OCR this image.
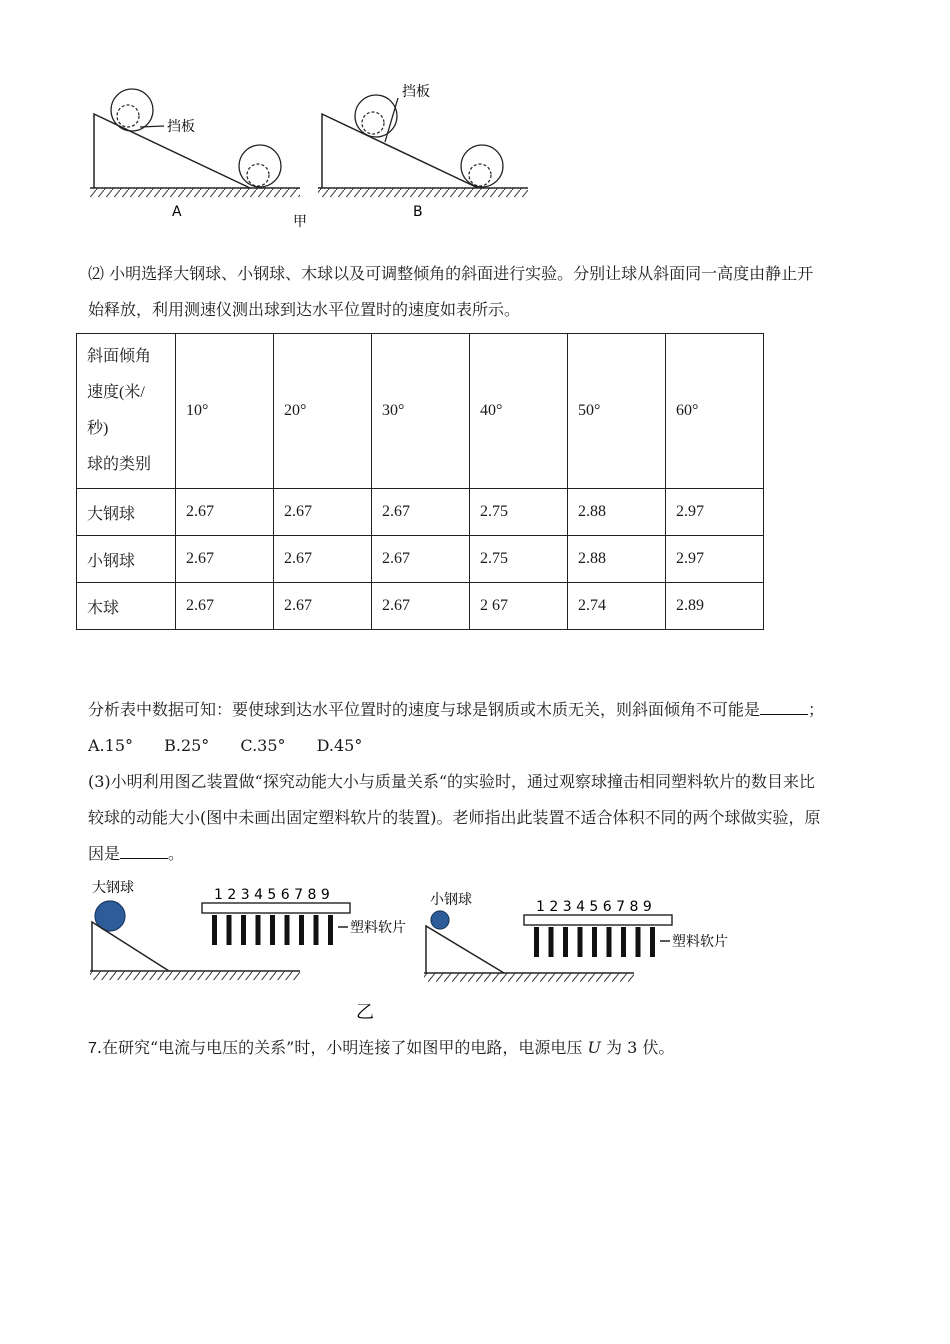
挡板
A
甲
挡板
B

⑵ 小明选择大钢球、小钢球、木球以及可调整倾角的斜面进行实验。分别让球从斜面同一高度由静止开
始释放，利用测速仪测出球到达水平位置时的速度如表所示。

斜面倾角
速度(米/
秒)
球的类别	10°	20°	30°	40°	50°	60°
大钢球	2.67	2.67	2.67	2.75	2.88	2.97
小钢球	2.67	2.67	2.67	2.75	2.88	2.97
木球	2.67	2.67	2.67	2 67	2.74	2.89

分析表中数据可知：要使球到达水平位置时的速度与球是钢质或木质无关，则斜面倾角不可能是	；

A.15° B.25° C.35° D.45°

(3)小明利用图乙装置做“探究动能大小与质量关系“的实验时，通过观察球撞击相同塑料软片的数目来比
较球的动能大小(图中未画出固定塑料软片的装置)。老师指出此装置不适合体积不同的两个球做实验，原
因是	。

大钢球	1 2 3 4 5 6 7 8 9
塑料软片
小钢球	1 2 3 4 5 6 7 8 9
塑料软片
乙

7.在研究“电流与电压的关系”时，小明连接了如图甲的电路，电源电压 U 为 3 伏。
